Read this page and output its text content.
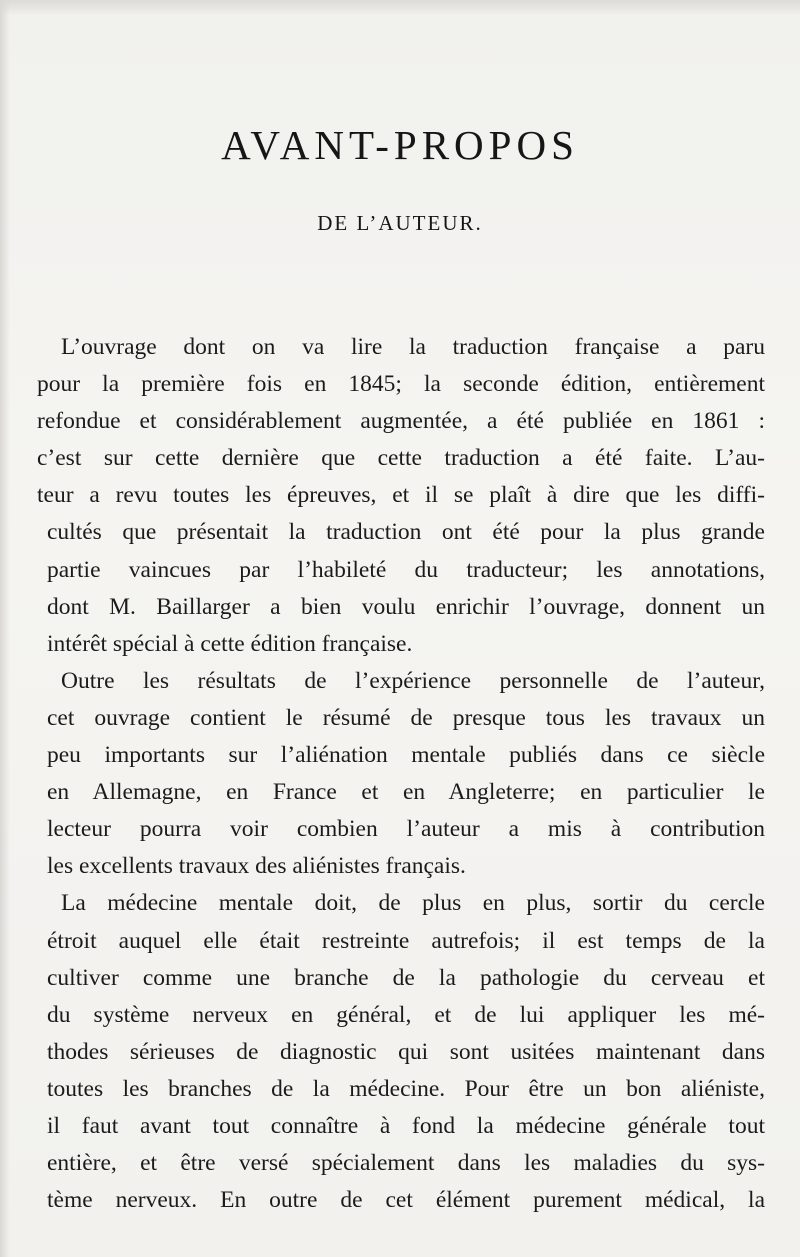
AVANT-PROPOS
DE L’AUTEUR.
L’ouvrage dont on va lire la traduction française a paru
pour la première fois en 1845; la seconde édition, entièrement
refondue et considérablement augmentée, a été publiée en 1861 :
c’est sur cette dernière que cette traduction a été faite. L’au-
teur a revu toutes les épreuves, et il se plaît à dire que les diffi-
cultés que présentait la traduction ont été pour la plus grande
partie vaincues par l’habileté du traducteur; les annotations,
dont M. Baillarger a bien voulu enrichir l’ouvrage, donnent un
intérêt spécial à cette édition française.
Outre les résultats de l’expérience personnelle de l’auteur,
cet ouvrage contient le résumé de presque tous les travaux un
peu importants sur l’aliénation mentale publiés dans ce siècle
en Allemagne, en France et en Angleterre; en particulier le
lecteur pourra voir combien l’auteur a mis à contribution
les excellents travaux des aliénistes français.
La médecine mentale doit, de plus en plus, sortir du cercle
étroit auquel elle était restreinte autrefois; il est temps de la
cultiver comme une branche de la pathologie du cerveau et
du système nerveux en général, et de lui appliquer les mé-
thodes sérieuses de diagnostic qui sont usitées maintenant dans
toutes les branches de la médecine. Pour être un bon aliéniste,
il faut avant tout connaître à fond la médecine générale tout
entière, et être versé spécialement dans les maladies du sys-
tème nerveux. En outre de cet élément purement médical, la
